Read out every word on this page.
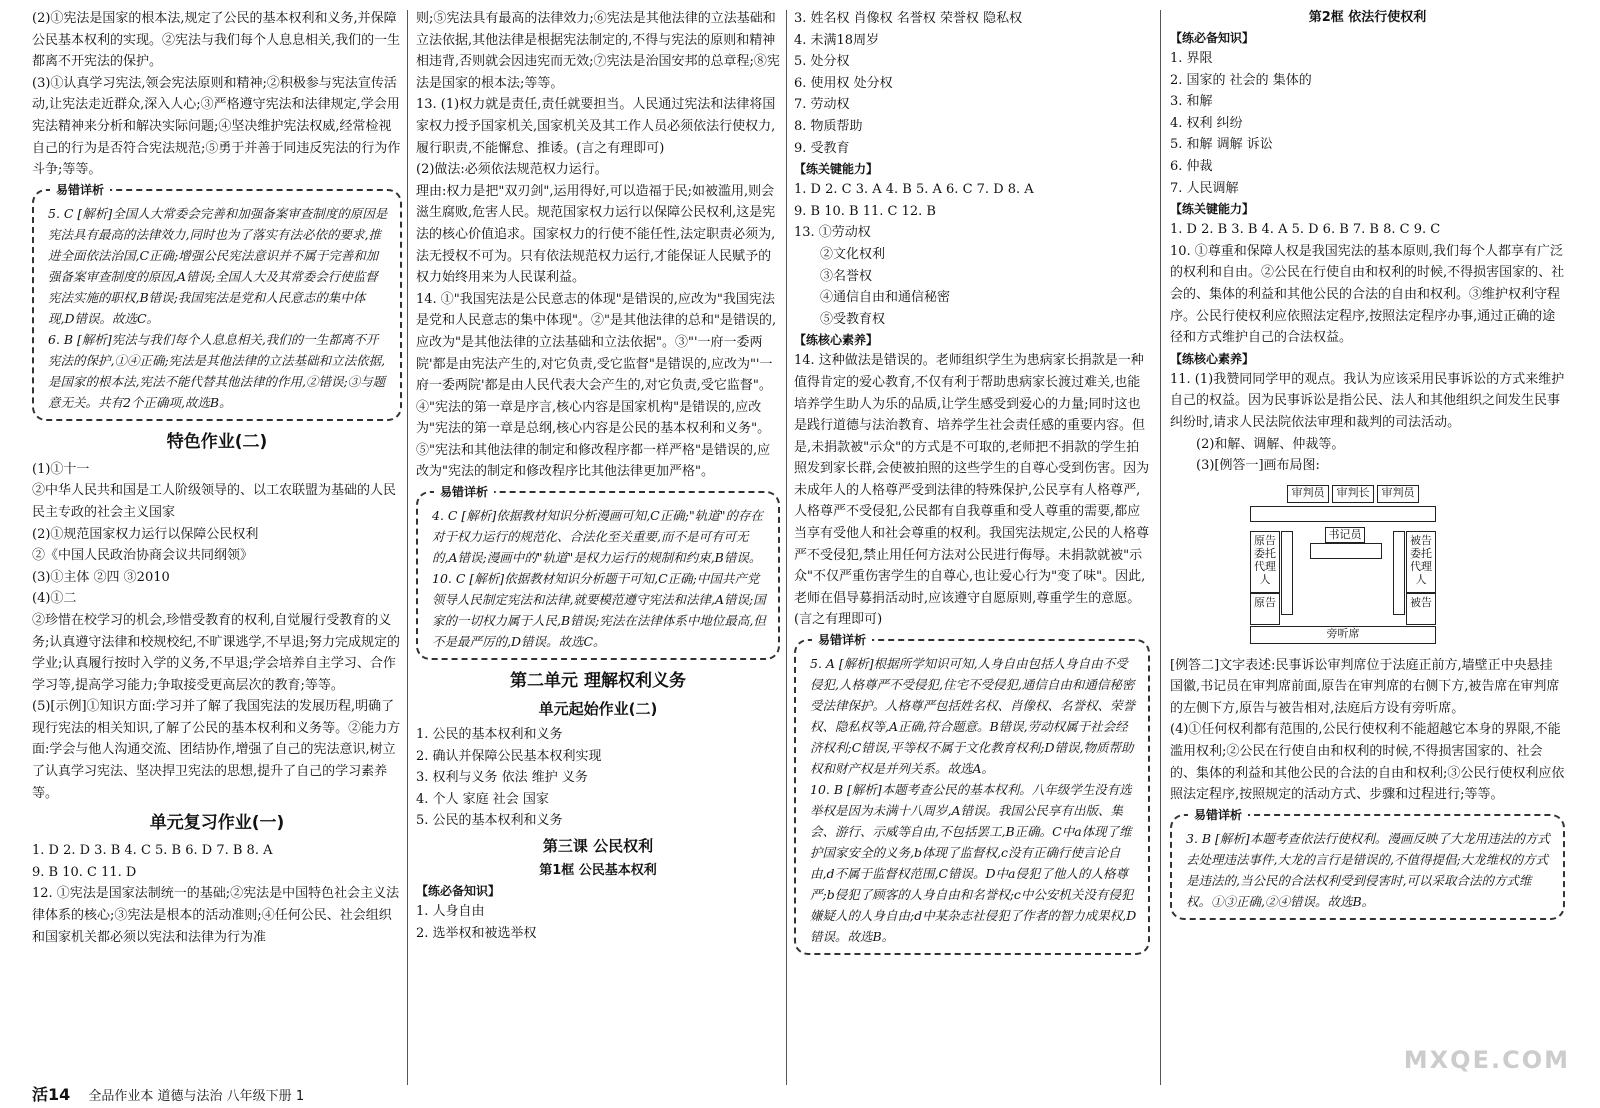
(2)①宪法是国家的根本法,规定了公民的基本权利和义务,并保障公民基本权利的实现。②宪法与我们每个人息息相关,我们的一生都离不开宪法的保护。

(3)①认真学习宪法,领会宪法原则和精神;②积极参与宪法宣传活动,让宪法走近群众,深入人心;③严格遵守宪法和法律规定,学会用宪法精神来分析和解决实际问题;④坚决维护宪法权威,经常检视自己的行为是否符合宪法规范;⑤勇于并善于同违反宪法的行为作斗争;等等。

易错详析

5. C [解析]全国人大常委会完善和加强备案审查制度的原因是宪法具有最高的法律效力,同时也为了落实有法必依的要求,推进全面依法治国,C正确;增强公民宪法意识并不属于完善和加强备案审查制度的原因,A错误;全国人大及其常委会行使监督宪法实施的职权,B错误;我国宪法是党和人民意志的集中体现,D错误。故选C。

6. B [解析]宪法与我们每个人息息相关,我们的一生都离不开宪法的保护,①④正确;宪法是其他法律的立法基础和立法依据,是国家的根本法,宪法不能代替其他法律的作用,②错误;③与题意无关。共有2个正确项,故选B。

特色作业(二)

(1)①十一

②中华人民共和国是工人阶级领导的、以工农联盟为基础的人民民主专政的社会主义国家

(2)①规范国家权力运行以保障公民权利

②《中国人民政治协商会议共同纲领》

(3)①主体 ②四 ③2010

(4)①二

②珍惜在校学习的机会,珍惜受教育的权利,自觉履行受教育的义务;认真遵守法律和校规校纪,不旷课逃学,不早退;努力完成规定的学业;认真履行按时入学的义务,不早退;学会培养自主学习、合作学习等,提高学习能力;争取接受更高层次的教育;等等。

(5)[示例]①知识方面:学习并了解了我国宪法的发展历程,明确了现行宪法的相关知识,了解了公民的基本权利和义务等。②能力方面:学会与他人沟通交流、团结协作,增强了自己的宪法意识,树立了认真学习宪法、坚决捍卫宪法的思想,提升了自己的学习素养等。

单元复习作业(一)

1. D 2. D 3. B 4. C 5. B 6. D 7. B 8. A

9. B 10. C 11. D

12. ①宪法是国家法制统一的基础;②宪法是中国特色社会主义法律体系的核心;③宪法是根本的活动准则;④任何公民、社会组织和国家机关都必须以宪法和法律为行为准

则;⑤宪法具有最高的法律效力;⑥宪法是其他法律的立法基础和立法依据,其他法律是根据宪法制定的,不得与宪法的原则和精神相违背,否则就会因违宪而无效;⑦宪法是治国安邦的总章程;⑧宪法是国家的根本法;等等。

13. (1)权力就是责任,责任就要担当。人民通过宪法和法律将国家权力授予国家机关,国家机关及其工作人员必须依法行使权力,履行职责,不能懈怠、推诿。(言之有理即可)

(2)做法:必须依法规范权力运行。

理由:权力是把"双刃剑",运用得好,可以造福于民;如被滥用,则会滋生腐败,危害人民。规范国家权力运行以保障公民权利,这是宪法的核心价值追求。国家权力的行使不能任性,法定职责必须为,法无授权不可为。只有依法规范权力运行,才能保证人民赋予的权力始终用来为人民谋利益。

14. ①"我国宪法是公民意志的体现"是错误的,应改为"我国宪法是党和人民意志的集中体现"。②"是其他法律的总和"是错误的,应改为"是其他法律的立法基础和立法依据"。③"'一府一委两院'都是由宪法产生的,对它负责,受它监督"是错误的,应改为"'一府一委两院'都是由人民代表大会产生的,对它负责,受它监督"。④"宪法的第一章是序言,核心内容是国家机构"是错误的,应改为"宪法的第一章是总纲,核心内容是公民的基本权利和义务"。⑤"宪法和其他法律的制定和修改程序都一样严格"是错误的,应改为"宪法的制定和修改程序比其他法律更加严格"。

易错详析

4. C [解析]依据教材知识分析漫画可知,C正确;"轨道"的存在对于权力运行的规范化、合法化至关重要,而不是可有可无的,A错误;漫画中的"轨道"是权力运行的规制和约束,B错误。

10. C [解析]依据教材知识分析题干可知,C正确;中国共产党领导人民制定宪法和法律,就要模范遵守宪法和法律,A错误;国家的一切权力属于人民,B错误;宪法在法律体系中地位最高,但不是最严厉的,D错误。故选C。

第二单元 理解权利义务
单元起始作业(二)

1. 公民的基本权利和义务

2. 确认并保障公民基本权利实现

3. 权利与义务 依法 维护 义务

4. 个人 家庭 社会 国家

5. 公民的基本权利和义务

第三课 公民权利
第1框 公民基本权利
【练必备知识】

1. 人身自由

2. 选举权和被选举权

3. 姓名权 肖像权 名誉权 荣誉权 隐私权

4. 未满18周岁

5. 处分权

6. 使用权 处分权

7. 劳动权

8. 物质帮助

9. 受教育

【练关键能力】

1. D 2. C 3. A 4. B 5. A 6. C 7. D 8. A

9. B 10. B 11. C 12. B

13. ①劳动权

②文化权利

③名誉权

④通信自由和通信秘密

⑤受教育权

【练核心素养】

14. 这种做法是错误的。老师组织学生为患病家长捐款是一种值得肯定的爱心教育,不仅有利于帮助患病家长渡过难关,也能培养学生助人为乐的品质,让学生感受到爱心的力量;同时这也是践行道德与法治教育、培养学生社会责任感的重要内容。但是,未捐款被"示众"的方式是不可取的,老师把不捐款的学生拍照发到家长群,会使被拍照的这些学生的自尊心受到伤害。因为未成年人的人格尊严受到法律的特殊保护,公民享有人格尊严,人格尊严不受侵犯,公民都有自我尊重和受人尊重的需要,都应当享有受他人和社会尊重的权利。我国宪法规定,公民的人格尊严不受侵犯,禁止用任何方法对公民进行侮辱。未捐款就被"示众"不仅严重伤害学生的自尊心,也让爱心行为"变了味"。因此,老师在倡导募捐活动时,应该遵守自愿原则,尊重学生的意愿。(言之有理即可)

易错详析

5. A [解析]根据所学知识可知,人身自由包括人身自由不受侵犯,人格尊严不受侵犯,住宅不受侵犯,通信自由和通信秘密受法律保护。人格尊严包括姓名权、肖像权、名誉权、荣誉权、隐私权等,A正确,符合题意。B错误,劳动权属于社会经济权利;C错误,平等权不属于文化教育权利;D错误,物质帮助权和财产权是并列关系。故选A。

10. B [解析]本题考查公民的基本权利。八年级学生没有选举权是因为未满十八周岁,A错误。我国公民享有出版、集会、游行、示威等自由,不包括罢工,B正确。C中a体现了维护国家安全的义务,b体现了监督权,c没有正确行使言论自由,d不属于监督权范围,C错误。D中a侵犯了他人的人格尊严;b侵犯了顾客的人身自由和名誉权;c中公安机关没有侵犯嫌疑人的人身自由;d中某杂志社侵犯了作者的智力成果权,D错误。故选B。

第2框 依法行使权利
【练必备知识】

1. 界限

2. 国家的 社会的 集体的

3. 和解

4. 权利 纠纷

5. 和解 调解 诉讼

6. 仲裁

7. 人民调解

【练关键能力】

1. D 2. B 3. B 4. A 5. D 6. B 7. B 8. C 9. C

10. ①尊重和保障人权是我国宪法的基本原则,我们每个人都享有广泛的权利和自由。②公民在行使自由和权利的时候,不得损害国家的、社会的、集体的利益和其他公民的合法的自由和权利。③维护权利守程序。公民行使权利应依照法定程序,按照法定程序办事,通过正确的途径和方式维护自己的合法权益。

【练核心素养】

11. (1)我赞同同学甲的观点。我认为应该采用民事诉讼的方式来维护自己的权益。因为民事诉讼是指公民、法人和其他组织之间发生民事纠纷时,请求人民法院依法审理和裁判的司法活动。

(2)和解、调解、仲裁等。

(3)[例答一]画布局图:

审判员	审判长	审判员
书记员
原告委托代理人
原告
被告委托代理人
被告
旁听席

[例答二]文字表述:民事诉讼审判席位于法庭正前方,墙壁正中央悬挂国徽,书记员在审判席前面,原告在审判席的右侧下方,被告席在审判席的左侧下方,原告与被告相对,法庭后方设有旁听席。

(4)①任何权利都有范围的,公民行使权利不能超越它本身的界限,不能滥用权利;②公民在行使自由和权利的时候,不得损害国家的、社会的、集体的利益和其他公民的合法的自由和权利;③公民行使权利应依照法定程序,按照规定的活动方式、步骤和过程进行;等等。

易错详析

3. B [解析]本题考查依法行使权利。漫画反映了大龙用违法的方式去处理违法事件,大龙的言行是错误的,不值得提倡;大龙维权的方式是违法的,当公民的合法权利受到侵害时,可以采取合法的方式维权。①③正确,②④错误。故选B。

活14 全品作业本 道德与法治 八年级下册 1
MXQE.COM
